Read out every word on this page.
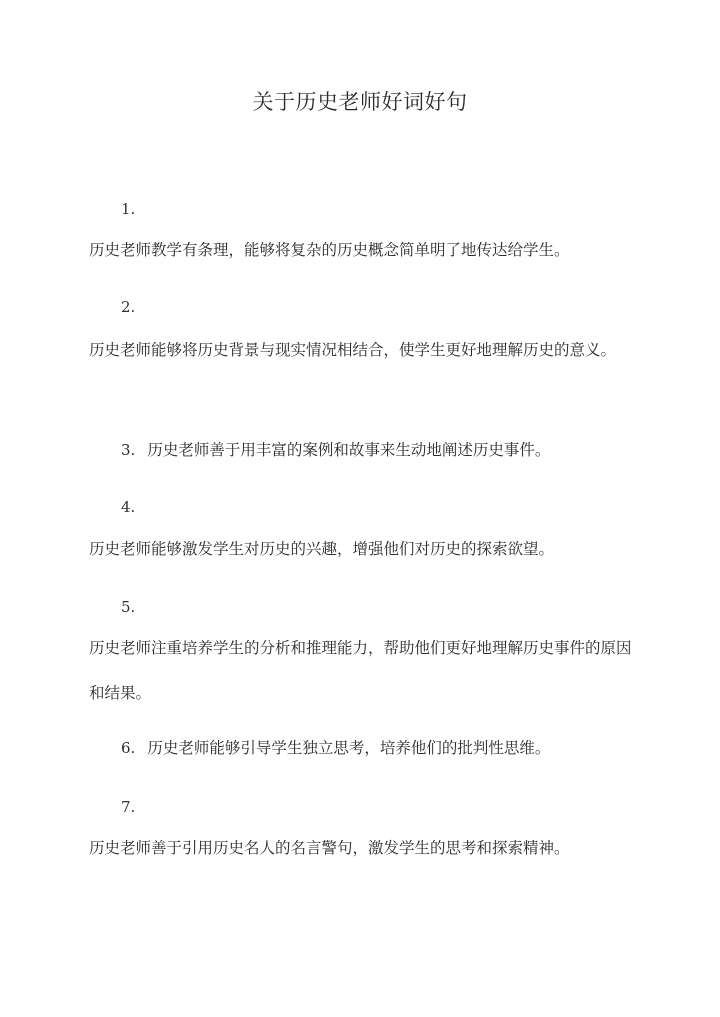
关于历史老师好词好句
1.
历史老师教学有条理，能够将复杂的历史概念简单明了地传达给学生。
2.
历史老师能够将历史背景与现实情况相结合，使学生更好地理解历史的意义。
3. 历史老师善于用丰富的案例和故事来生动地阐述历史事件。
4.
历史老师能够激发学生对历史的兴趣，增强他们对历史的探索欲望。
5.
历史老师注重培养学生的分析和推理能力，帮助他们更好地理解历史事件的原因和结果。
6. 历史老师能够引导学生独立思考，培养他们的批判性思维。
7.
历史老师善于引用历史名人的名言警句，激发学生的思考和探索精神。
